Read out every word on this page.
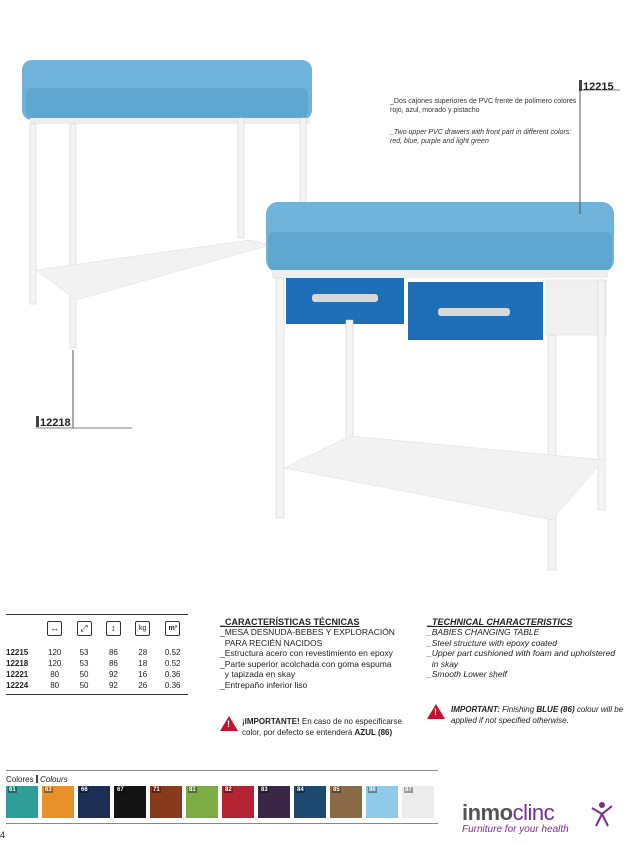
12215
12218
_Dos cajones superiores de PVC frente de polímero colores rojo, azul, morado y pistacho
_Two upper PVC drawers with front part in different colors: red, blue, purple and light green
	↔	⤢	↕	kg	m³

12215	120	53	86	28	0.52
12218	120	53	86	18	0.52
12221	80	50	92	16	0.36
12224	80	50	92	26	0.36
_CARACTERÍSTICAS TÉCNICAS
_MESA DESNUDA-BEBES Y EXPLORACIÓN
PARA RECIÉN NACIDOS
_Estructura acero con revestimiento en epoxy
_Parte superior acolchada con goma espuma
y tapizada en skay
_Entrepaño inferior liso
! ¡IMPORTANTE! En caso de no especificarse color, por defecto se entenderá AZUL (86)
_TECHNICAL CHARACTERISTICS
_BABIES CHANGING TABLE
_Steel structure with epoxy coated
_Upper part cushioned with foam and upholstered
in skay
_Smooth Lower shelf
! IMPORTANT: Finishing BLUE (86) colour will be applied if not specified otherwise.
Colores Colours
61	63	66	67	71	81	82	83	84	85	86	87
4
inmoclinc
Furniture for your health
